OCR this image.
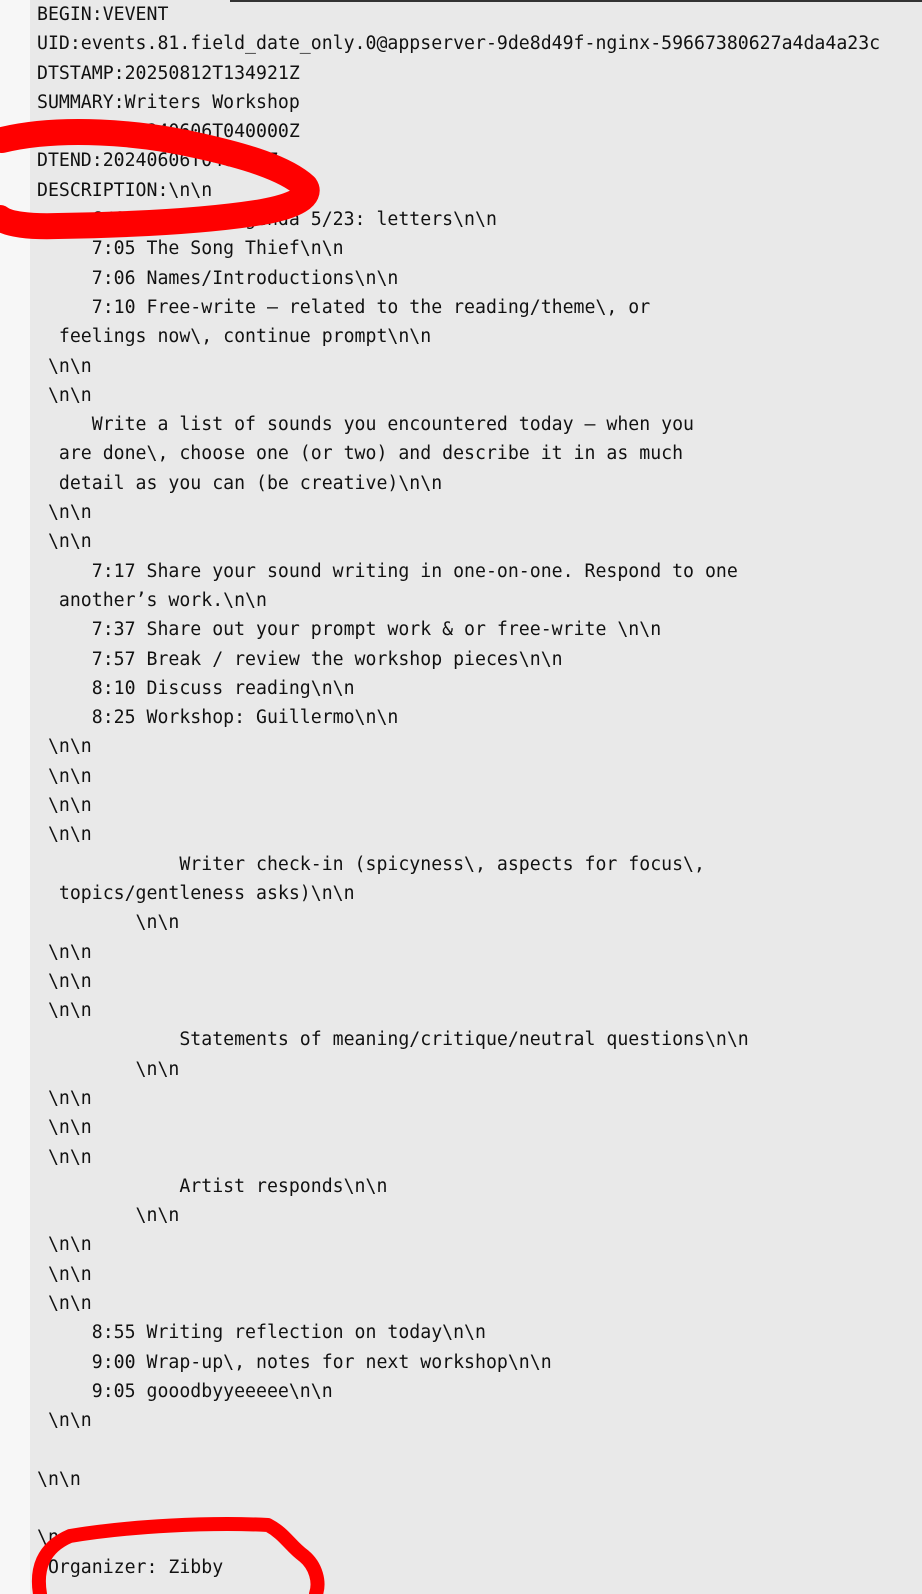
BEGIN:VEVENT
UID:events.81.field_date_only.0@appserver-9de8d49f-nginx-59667380627a4da4a23c
DTSTAMP:20250812T134921Z
SUMMARY:Writers Workshop
DTSTART:20240606T040000Z
DTEND:20240606T040001Z
DESCRIPTION:\n\n
6/6 Workshop Agenda 5/23: letters\n\n
7:05 The Song Thief\n\n
7:06 Names/Introductions\n\n
7:10 Free-write – related to the reading/theme\, or
feelings now\, continue prompt\n\n
\n\n
\n\n
Write a list of sounds you encountered today – when you
are done\, choose one (or two) and describe it in as much
detail as you can (be creative)\n\n
\n\n
\n\n
7:17 Share your sound writing in one-on-one. Respond to one
another’s work.\n\n
7:37 Share out your prompt work & or free-write \n\n
7:57 Break / review the workshop pieces\n\n
8:10 Discuss reading\n\n
8:25 Workshop: Guillermo\n\n
\n\n
\n\n
\n\n
\n\n
Writer check-in (spicyness\, aspects for focus\,
topics/gentleness asks)\n\n
\n\n
\n\n
\n\n
\n\n
Statements of meaning/critique/neutral questions\n\n
\n\n
\n\n
\n\n
\n\n
Artist responds\n\n
\n\n
\n\n
\n\n
\n\n
8:55 Writing reflection on today\n\n
9:00 Wrap-up\, notes for next workshop\n\n
9:05 gooodbyyeeeee\n\n
\n\n

\n\n

\n
Organizer: Zibby
